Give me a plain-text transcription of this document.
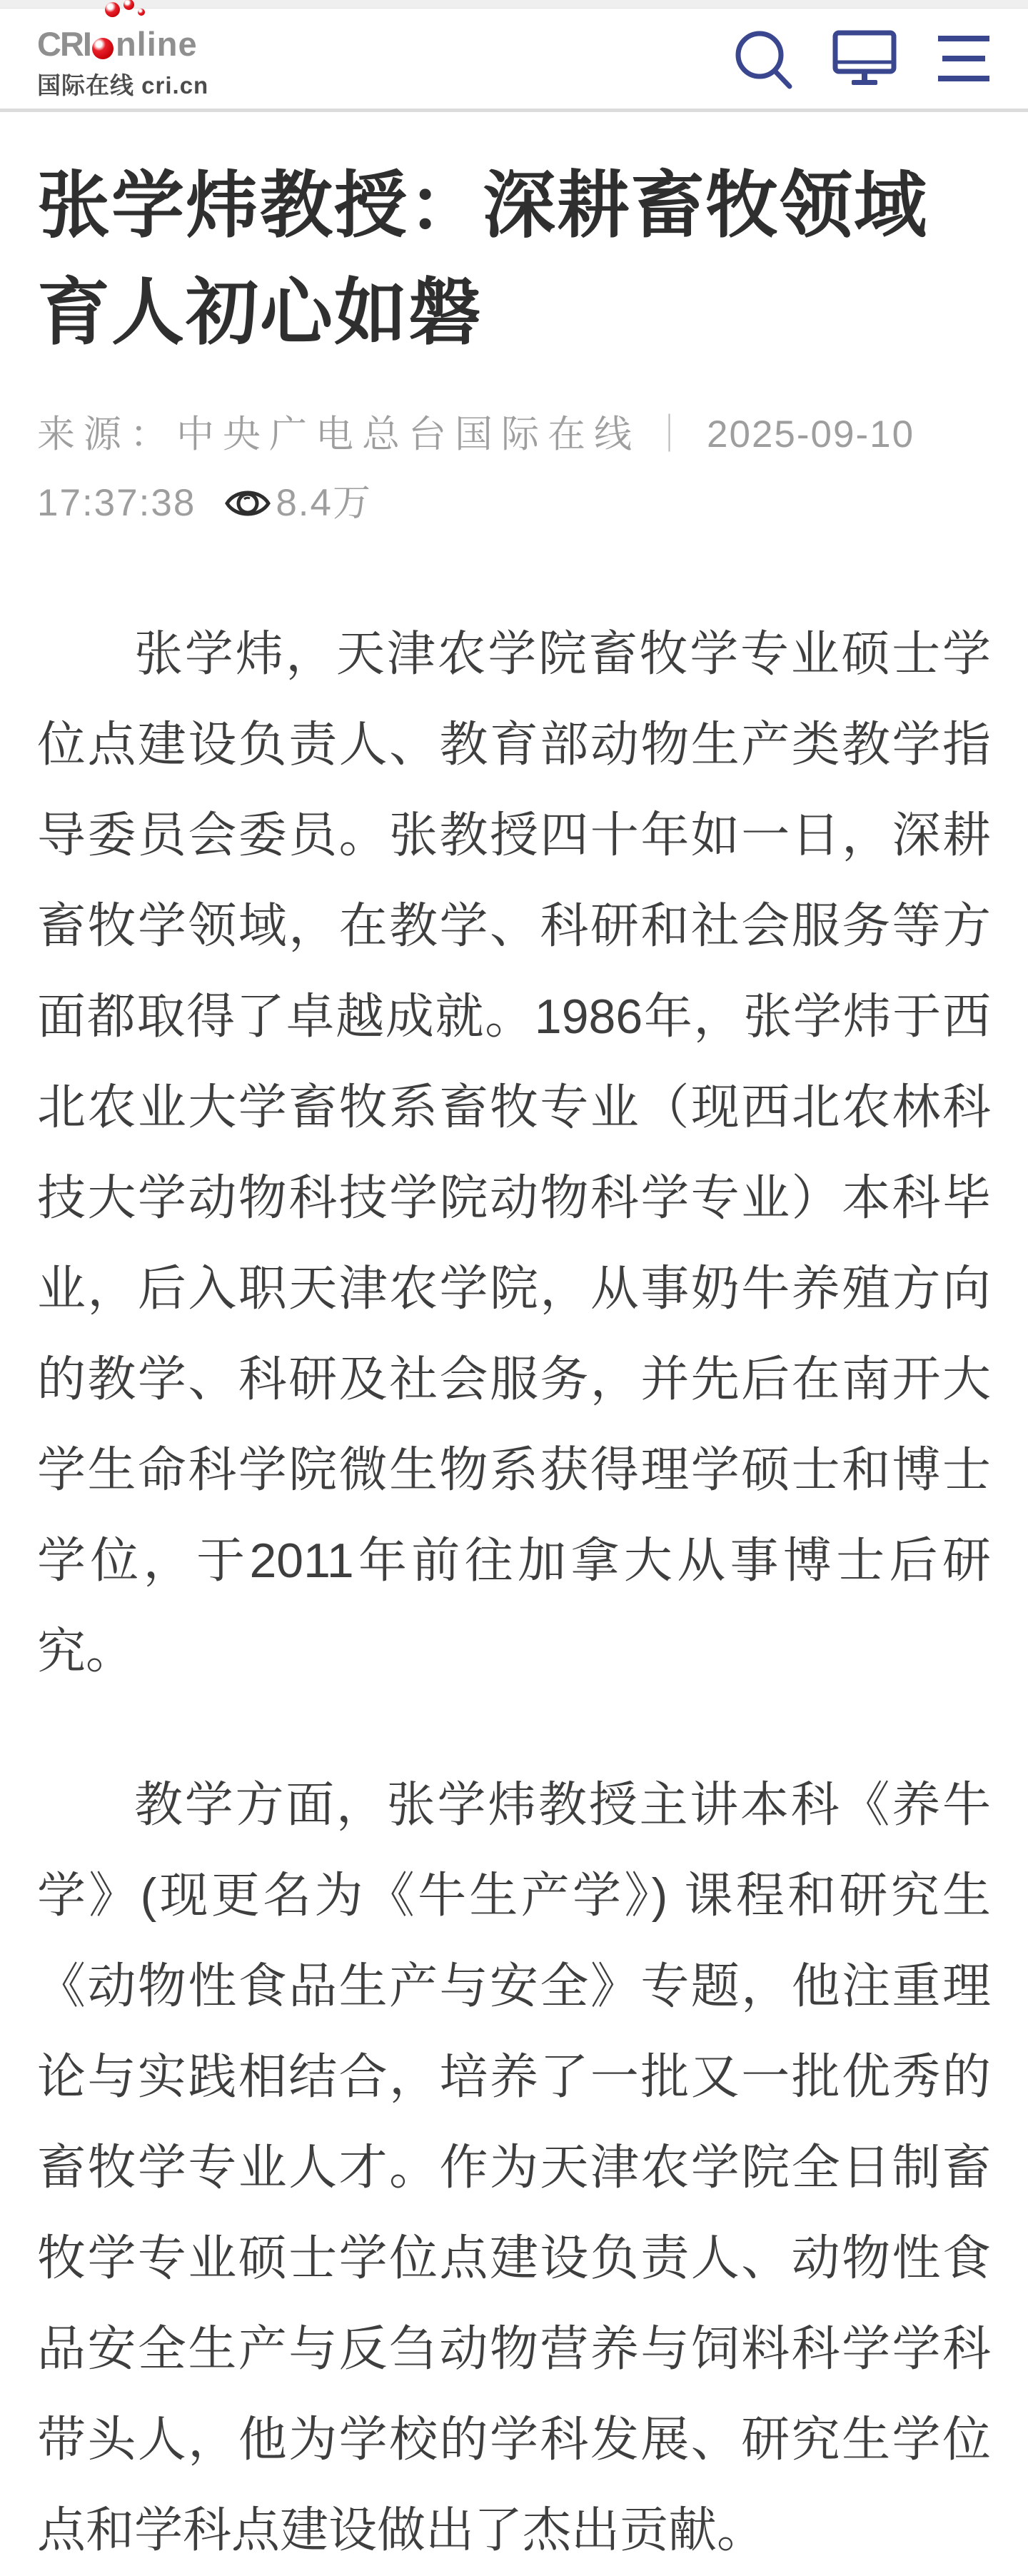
CRI nline
国际在线 cri.cn
张学炜教授：深耕畜牧领域
育人初心如磐
来源：中央广电总台国际在线 ｜ 2025-09-10
17:37:38 8.4万

张学炜，天津农学院畜牧学专业硕士学位点建设负责人、教育部动物生产类教学指导委员会委员。张教授四十年如一日，深耕畜牧学领域，在教学、科研和社会服务等方面都取得了卓越成就。1986年，张学炜于西北农业大学畜牧系畜牧专业（现西北农林科技大学动物科技学院动物科学专业）本科毕业，后入职天津农学院，从事奶牛养殖方向的教学、科研及社会服务，并先后在南开大学生命科学院微生物系获得理学硕士和博士学位，于2011年前往加拿大从事博士后研究。

教学方面，张学炜教授主讲本科《养牛学》(现更名为《牛生产学》) 课程和研究生《动物性食品生产与安全》专题，他注重理论与实践相结合，培养了一批又一批优秀的畜牧学专业人才。作为天津农学院全日制畜牧学专业硕士学位点建设负责人、动物性食品安全生产与反刍动物营养与饲料科学学科带头人，他为学校的学科发展、研究生学位点和学科点建设做出了杰出贡献。
